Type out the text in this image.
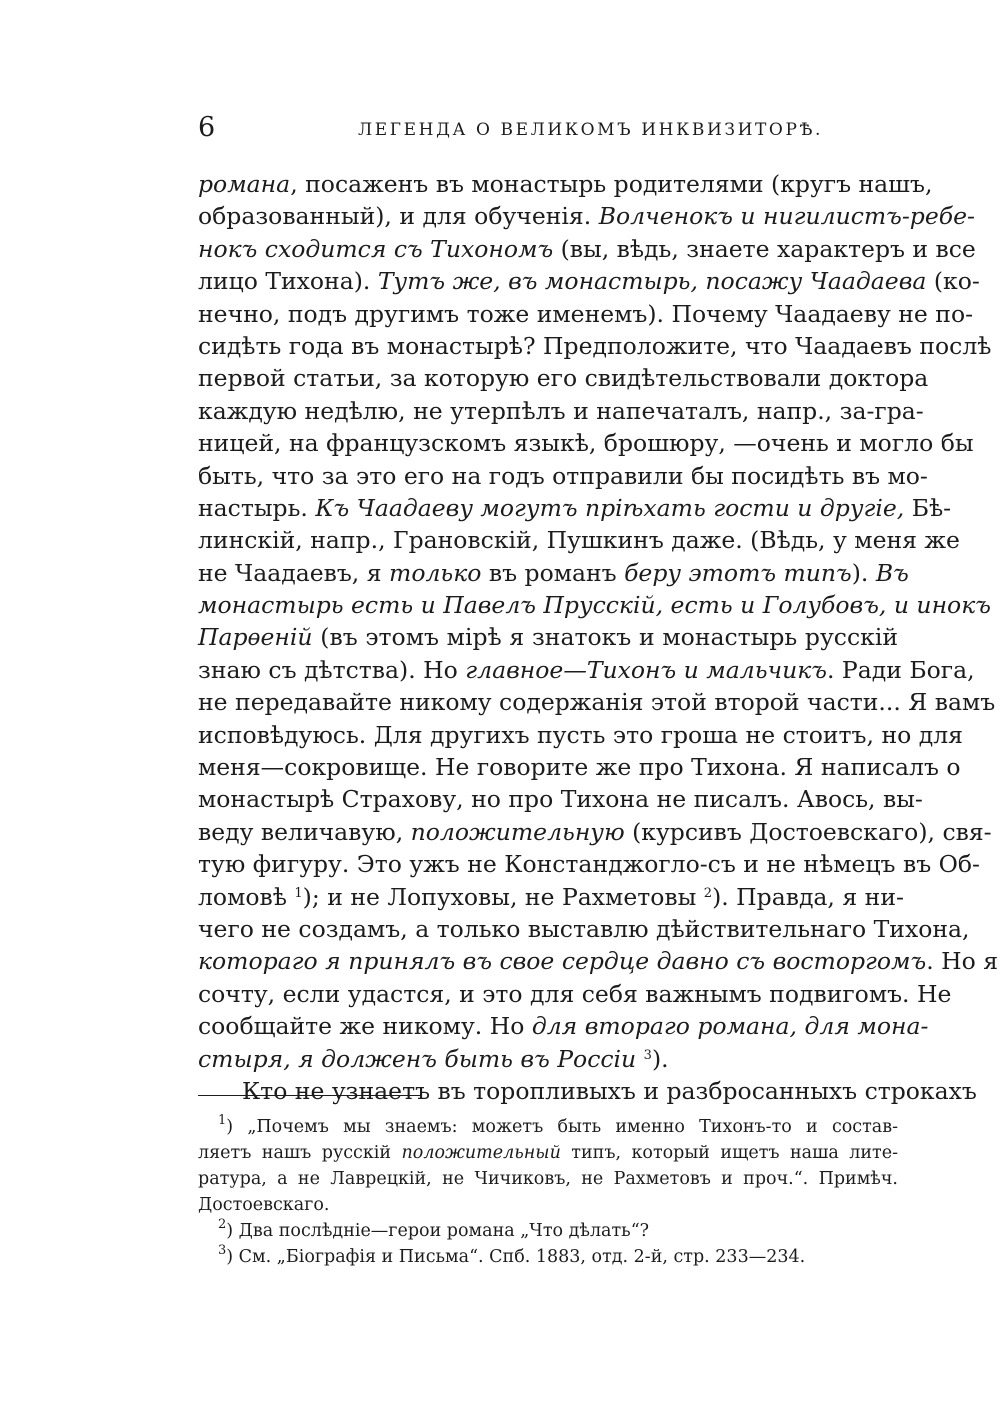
6	ЛЕГЕНДА О ВЕЛИКОМЪ ИНКВИЗИТОРѢ.
романа, посаженъ въ монастырь родителями (кругъ нашъ,
образованный), и для обученія. Волченокъ и нигилистъ-ребе-
нокъ сходится съ Тихономъ (вы, вѣдь, знаете характеръ и все
лицо Тихона). Тутъ же, въ монастырь, посажу Чаадаева (ко-
нечно, подъ другимъ тоже именемъ). Почему Чаадаеву не по-
сидѣть года въ монастырѣ? Предположите, что Чаадаевъ послѣ
первой статьи, за которую его свидѣтельствовали доктора
каждую недѣлю, не утерпѣлъ и напечаталъ, напр., за-гра-
ницей, на французскомъ языкѣ, брошюру, —очень и могло бы
быть, что за это его на годъ отправили бы посидѣть въ мо-
настырь. Къ Чаадаеву могутъ пріѣхать гости и другіе, Бѣ-
линскій, напр., Грановскій, Пушкинъ даже. (Вѣдь, у меня же
не Чаадаевъ, я только въ романъ беру этотъ типъ). Въ
монастырь есть и Павелъ Прусскій, есть и Голубовъ, и инокъ
Парѳеній (въ этомъ мірѣ я знатокъ и монастырь русскій
знаю съ дѣтства). Но главное—Тихонъ и мальчикъ. Ради Бога,
не передавайте никому содержанія этой второй части... Я вамъ
исповѣдуюсь. Для другихъ пусть это гроша не стоитъ, но для
меня—сокровище. Не говорите же про Тихона. Я написалъ о
монастырѣ Страхову, но про Тихона не писалъ. Авось, вы-
веду величавую, положительную (курсивъ Достоевскаго), свя-
тую фигуру. Это ужъ не Констанджогло-съ и не нѣмецъ въ Об-
ломовѣ $^1$); и не Лопуховы, не Рахметовы $^2$). Правда, я ни-
чего не создамъ, а только выставлю дѣйствительнаго Тихона,
котораго я принялъ въ свое сердце давно съ восторгомъ. Но я
сочту, если удастся, и это для себя важнымъ подвигомъ. Не
сообщайте же никому. Но для втораго романа, для мона-
стыря, я долженъ быть въ Россіи $^3$).
Кто не узнаетъ въ торопливыхъ и разбросанныхъ строкахъ
$^1$) „Почемъ мы знаемъ: можетъ быть именно Тихонъ-то и состав-
ляетъ нашъ русскій положительный типъ, который ищетъ наша лите-
ратура, а не Лаврецкій, не Чичиковъ, не Рахметовъ и проч.“. Примѣч.
Достоевскаго.
$^2$) Два послѣдніе—герои романа „Что дѣлать“?
$^3$) См. „Біографія и Письма“. Спб. 1883, отд. 2-й, стр. 233—234.
